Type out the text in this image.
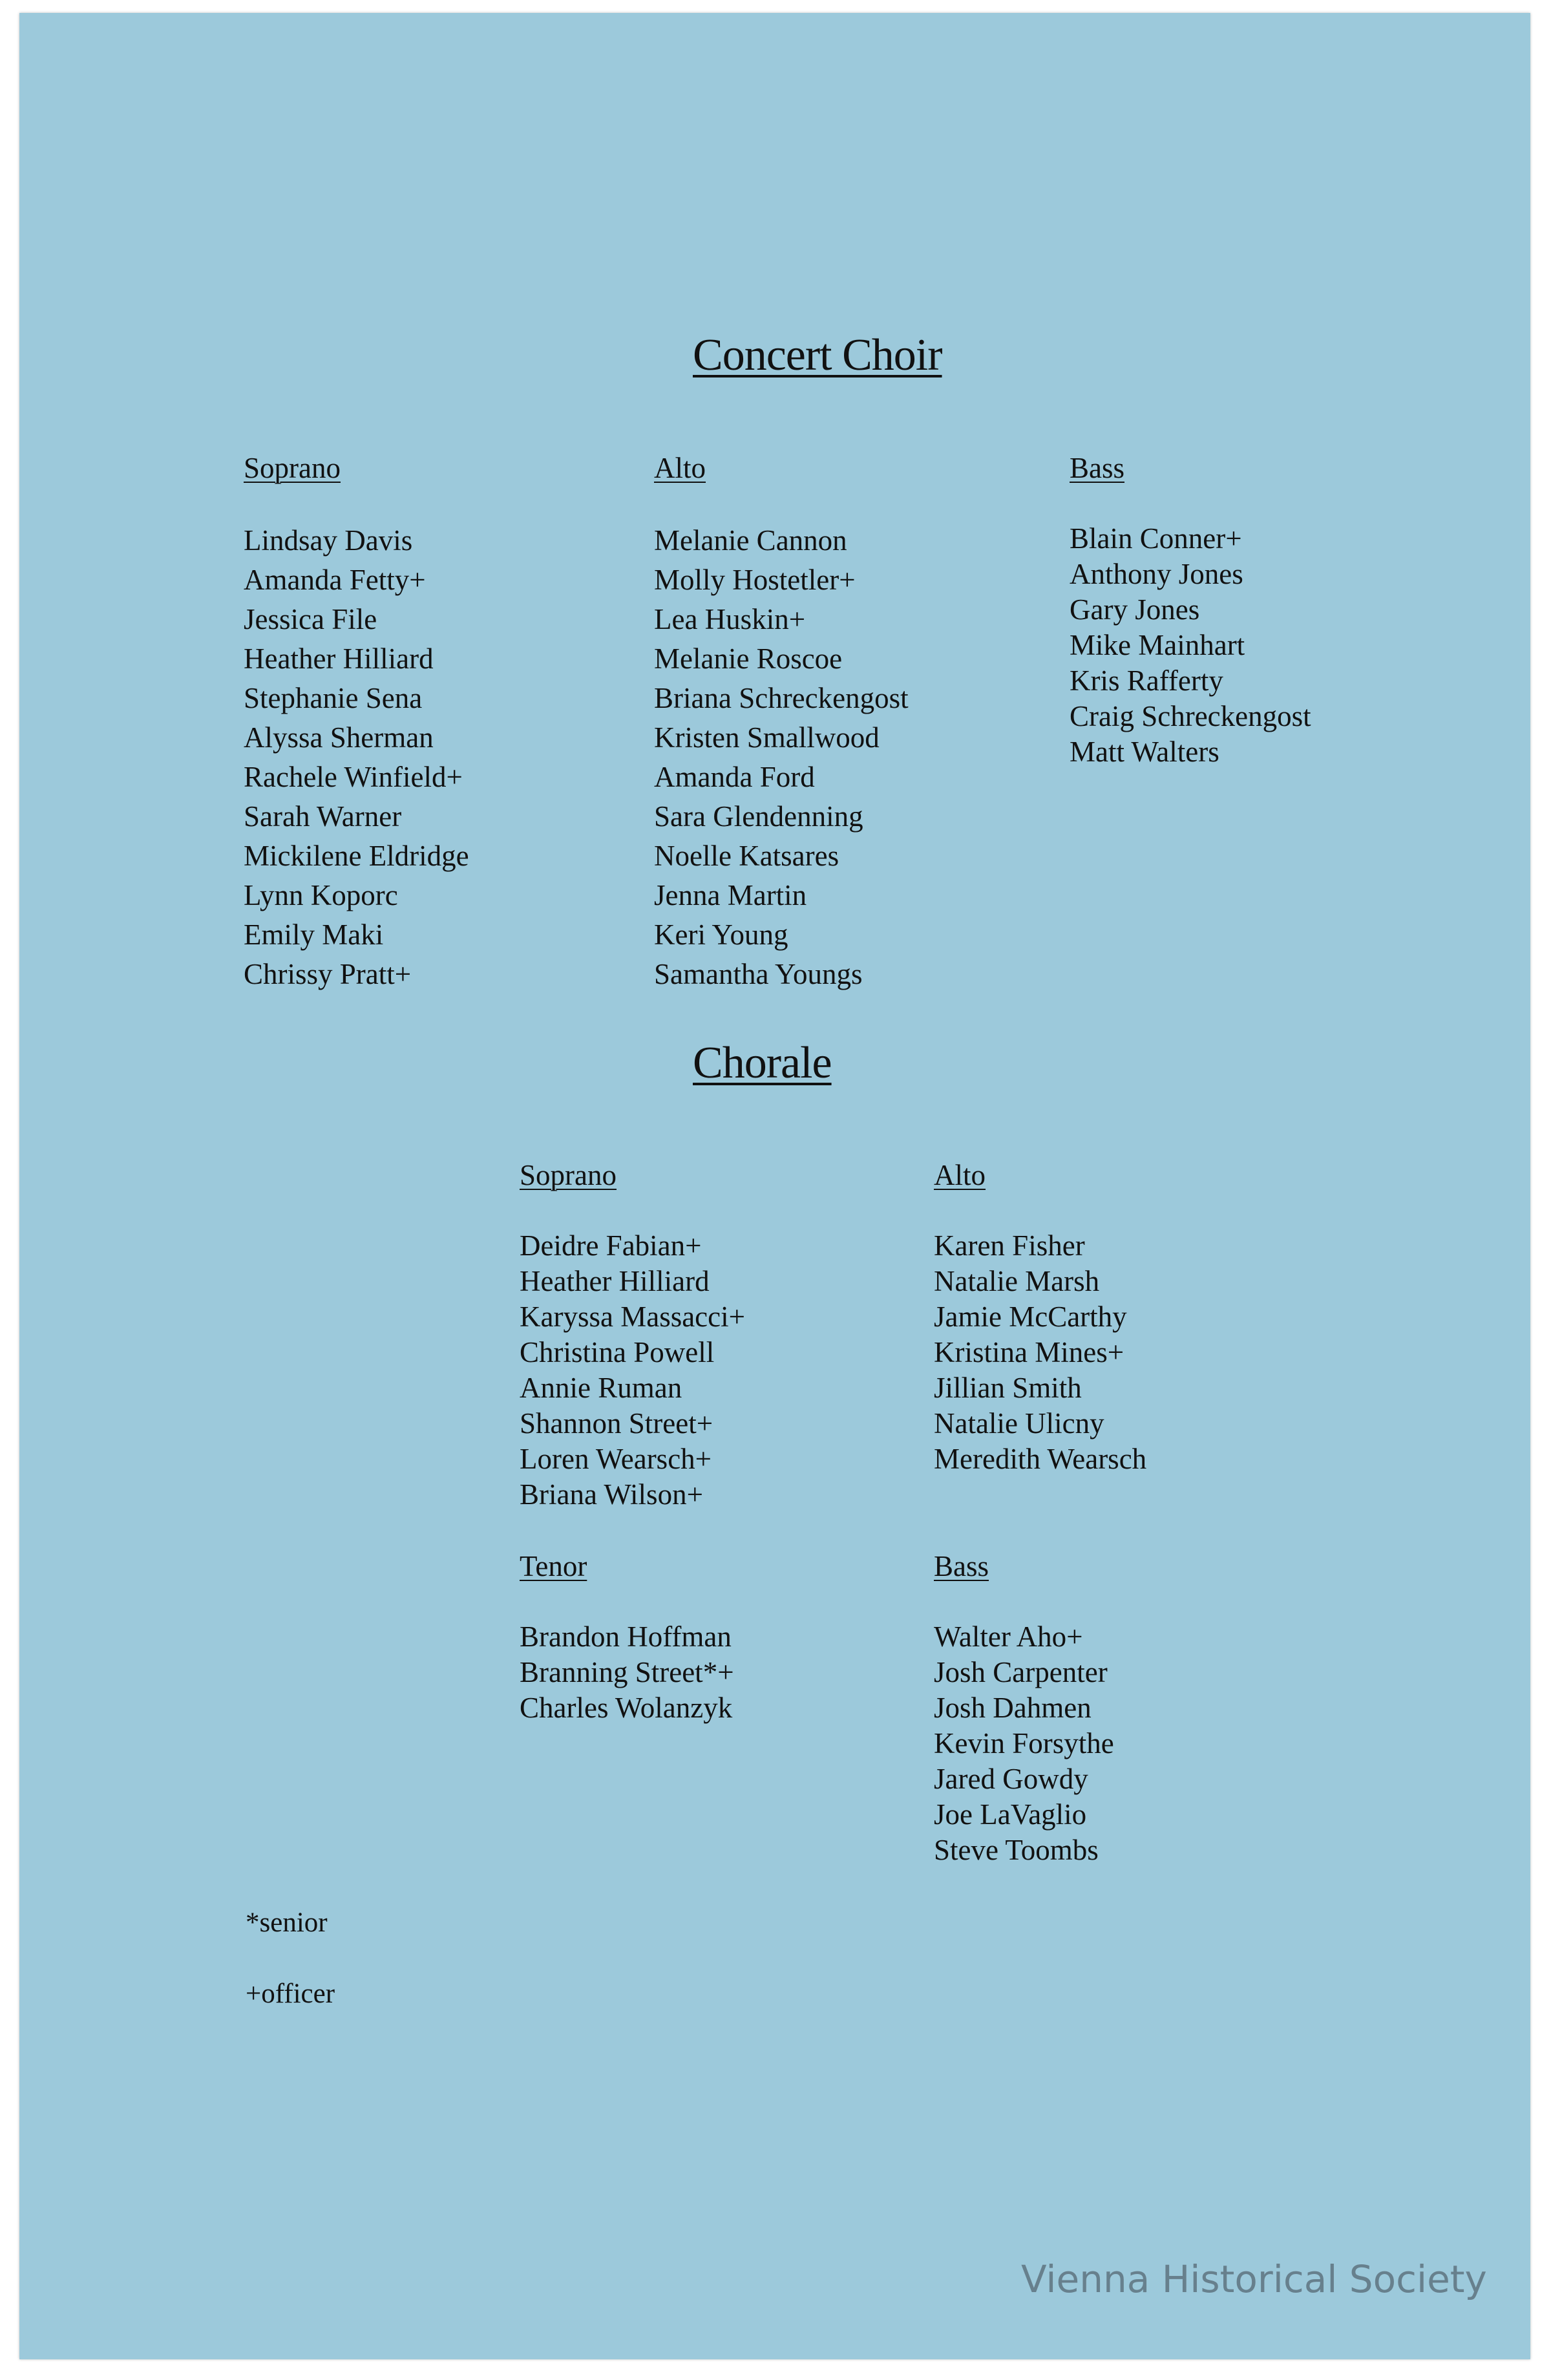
Concert Choir
Soprano
Lindsay Davis
Amanda Fetty+
Jessica File
Heather Hilliard
Stephanie Sena
Alyssa Sherman
Rachele Winfield+
Sarah Warner
Mickilene Eldridge
Lynn Koporc
Emily Maki
Chrissy Pratt+
Alto
Melanie Cannon
Molly Hostetler+
Lea Huskin+
Melanie Roscoe
Briana Schreckengost
Kristen Smallwood
Amanda Ford
Sara Glendenning
Noelle Katsares
Jenna Martin
Keri Young
Samantha Youngs
Bass
Blain Conner+
Anthony Jones
Gary Jones
Mike Mainhart
Kris Rafferty
Craig Schreckengost
Matt Walters
Chorale
Soprano
Deidre Fabian+
Heather Hilliard
Karyssa Massacci+
Christina Powell
Annie Ruman
Shannon Street+
Loren Wearsch+
Briana Wilson+
Alto
Karen Fisher
Natalie Marsh
Jamie McCarthy
Kristina Mines+
Jillian Smith
Natalie Ulicny
Meredith Wearsch
Tenor
Brandon Hoffman
Branning Street*+
Charles Wolanzyk
Bass
Walter Aho+
Josh Carpenter
Josh Dahmen
Kevin Forsythe
Jared Gowdy
Joe LaVaglio
Steve Toombs
*senior
+officer
Vienna Historical Society
